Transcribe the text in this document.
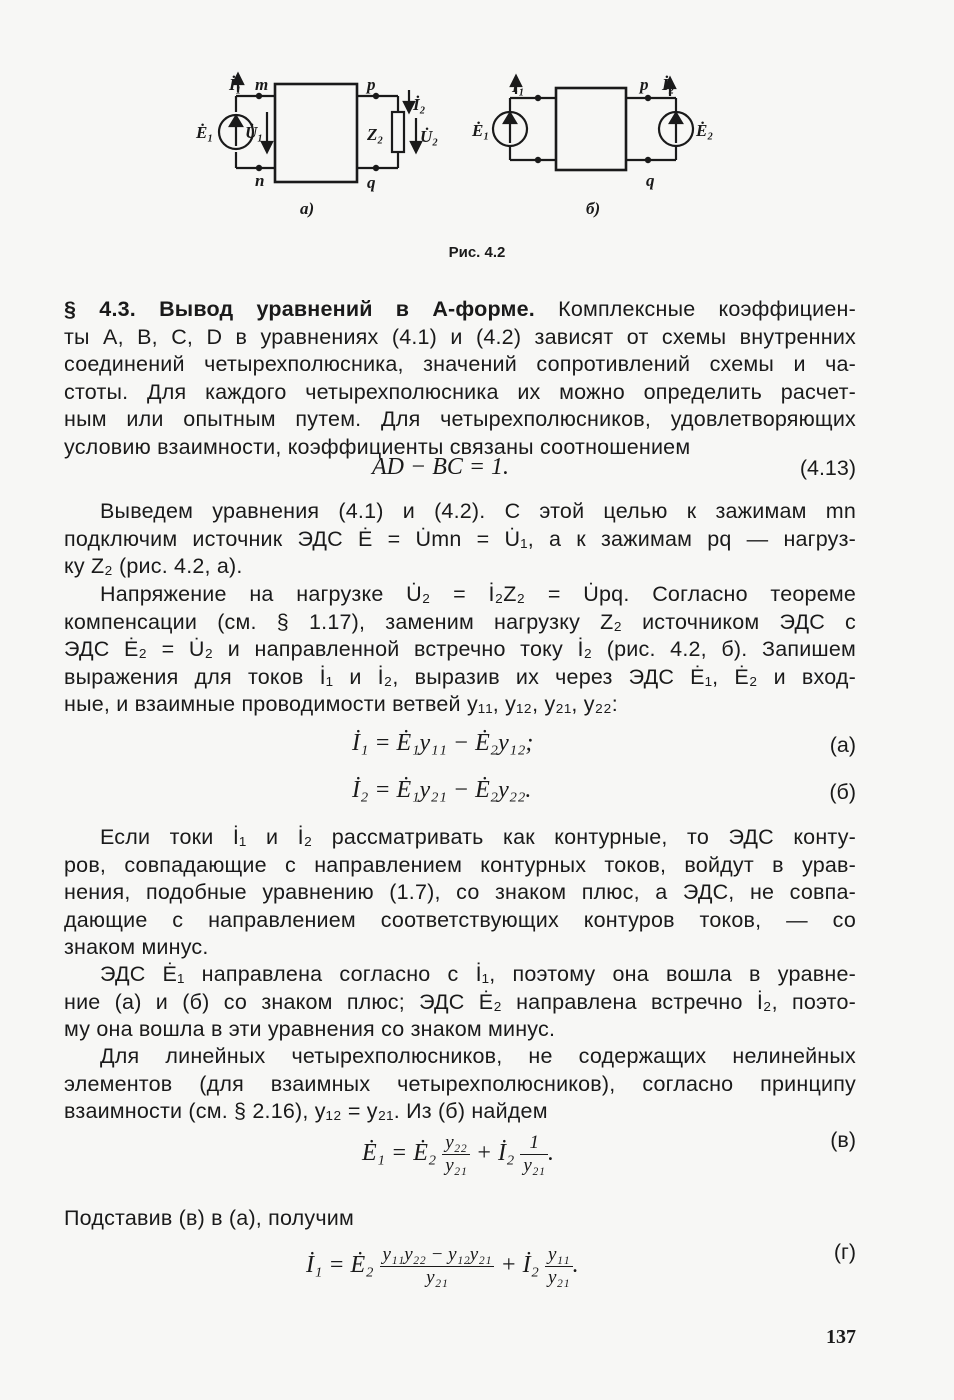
İ₁ m	p
İ₂
Ė₁ U̇₁	Z₂ U̇₂
n	q
а)
İ₁	p İ₂
Ė₁	Ė₂
q
б)
Рис. 4.2
§ 4.3. Вывод уравнений в A-форме. Комплексные коэффициен-
ты A, B, C, D в уравнениях (4.1) и (4.2) зависят от схемы внутренних
соединений четырехполюсника, значений сопротивлений схемы и ча-
стоты. Для каждого четырехполюсника их можно определить расчет-
ным или опытным путем. Для четырехполюсников, удовлетворяющих
условию взаимности, коэффициенты связаны соотношением
AD − BC = 1.	(4.13)
Выведем уравнения (4.1) и (4.2). С этой целью к зажимам mn
подключим источник ЭДС Ė = U̇mn = U̇₁, а к зажимам pq — нагруз-
ку Z₂ (рис. 4.2, а).
Напряжение на нагрузке U̇₂ = İ₂Z₂ = U̇pq. Согласно теореме
компенсации (см. § 1.17), заменим нагрузку Z₂ источником ЭДС с
ЭДС Ė₂ = U̇₂ и направленной встречно току İ₂ (рис. 4.2, б). Запишем
выражения для токов İ₁ и İ₂, выразив их через ЭДС Ė₁, Ė₂ и вход-
ные, и взаимные проводимости ветвей y₁₁, y₁₂, y₂₁, y₂₂:
İ₁ = Ė₁y₁₁ − Ė₂y₁₂;	(а)
İ₂ = Ė₁y₂₁ − Ė₂y₂₂.	(б)
Если токи İ₁ и İ₂ рассматривать как контурные, то ЭДС конту-
ров, совпадающие с направлением контурных токов, войдут в урав-
нения, подобные уравнению (1.7), со знаком плюс, а ЭДС, не совпа-
дающие с направлением соответствующих контуров токов, — со
знаком минус.
ЭДС Ė₁ направлена согласно с İ₁, поэтому она вошла в уравне-
ние (а) и (б) со знаком плюс; ЭДС Ė₂ направлена встречно İ₂, поэто-
му она вошла в эти уравнения со знаком минус.
Для линейных четырехполюсников, не содержащих нелинейных
элементов (для взаимных четырехполюсников), согласно принципу
взаимности (см. § 2.16), y₁₂ = y₂₁. Из (б) найдем
Ė₁ = Ė₂ $\frac{\text{y₂₂}}{\text{y₂₁}}$ + İ₂ $\frac{1}{\text{y₂₁}}$ .
(в)
Подставив (в) в (а), получим
İ₁ = Ė₂ $\frac{\text{y₁₁y₂₂ − y₁₂y₂₁}}{\text{y₂₁}}$ + İ₂ $\frac{\text{y₁₁}}{\text{y₂₁}}$ .
(г)
137
